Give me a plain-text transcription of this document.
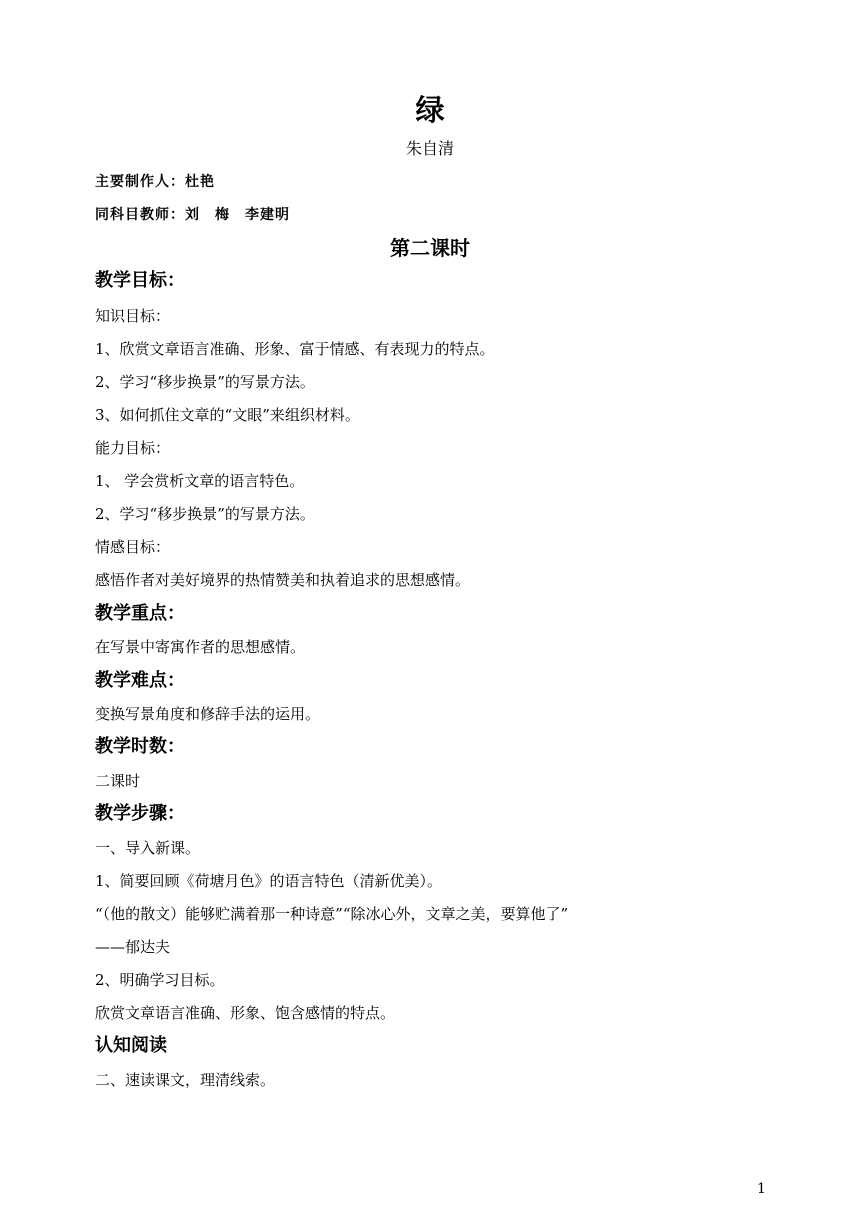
绿
朱自清
主要制作人：杜艳
同科目教师：刘　梅　李建明
第二课时
教学目标：
知识目标：
1、欣赏文章语言准确、形象、富于情感、有表现力的特点。
2、学习“移步换景”的写景方法。
3、如何抓住文章的“文眼”来组织材料。
能力目标：
1、 学会赏析文章的语言特色。
2、学习“移步换景”的写景方法。
情感目标：
感悟作者对美好境界的热情赞美和执着追求的思想感情。
教学重点：
在写景中寄寓作者的思想感情。
教学难点：
变换写景角度和修辞手法的运用。
教学时数：
二课时
教学步骤：
一、导入新课。
1、简要回顾《荷塘月色》的语言特色（清新优美）。
“（他的散文）能够贮满着那一种诗意”“除冰心外，文章之美，要算他了”
——郁达夫
2、明确学习目标。
欣赏文章语言准确、形象、饱含感情的特点。
认知阅读
二、速读课文，理清线索。
1
